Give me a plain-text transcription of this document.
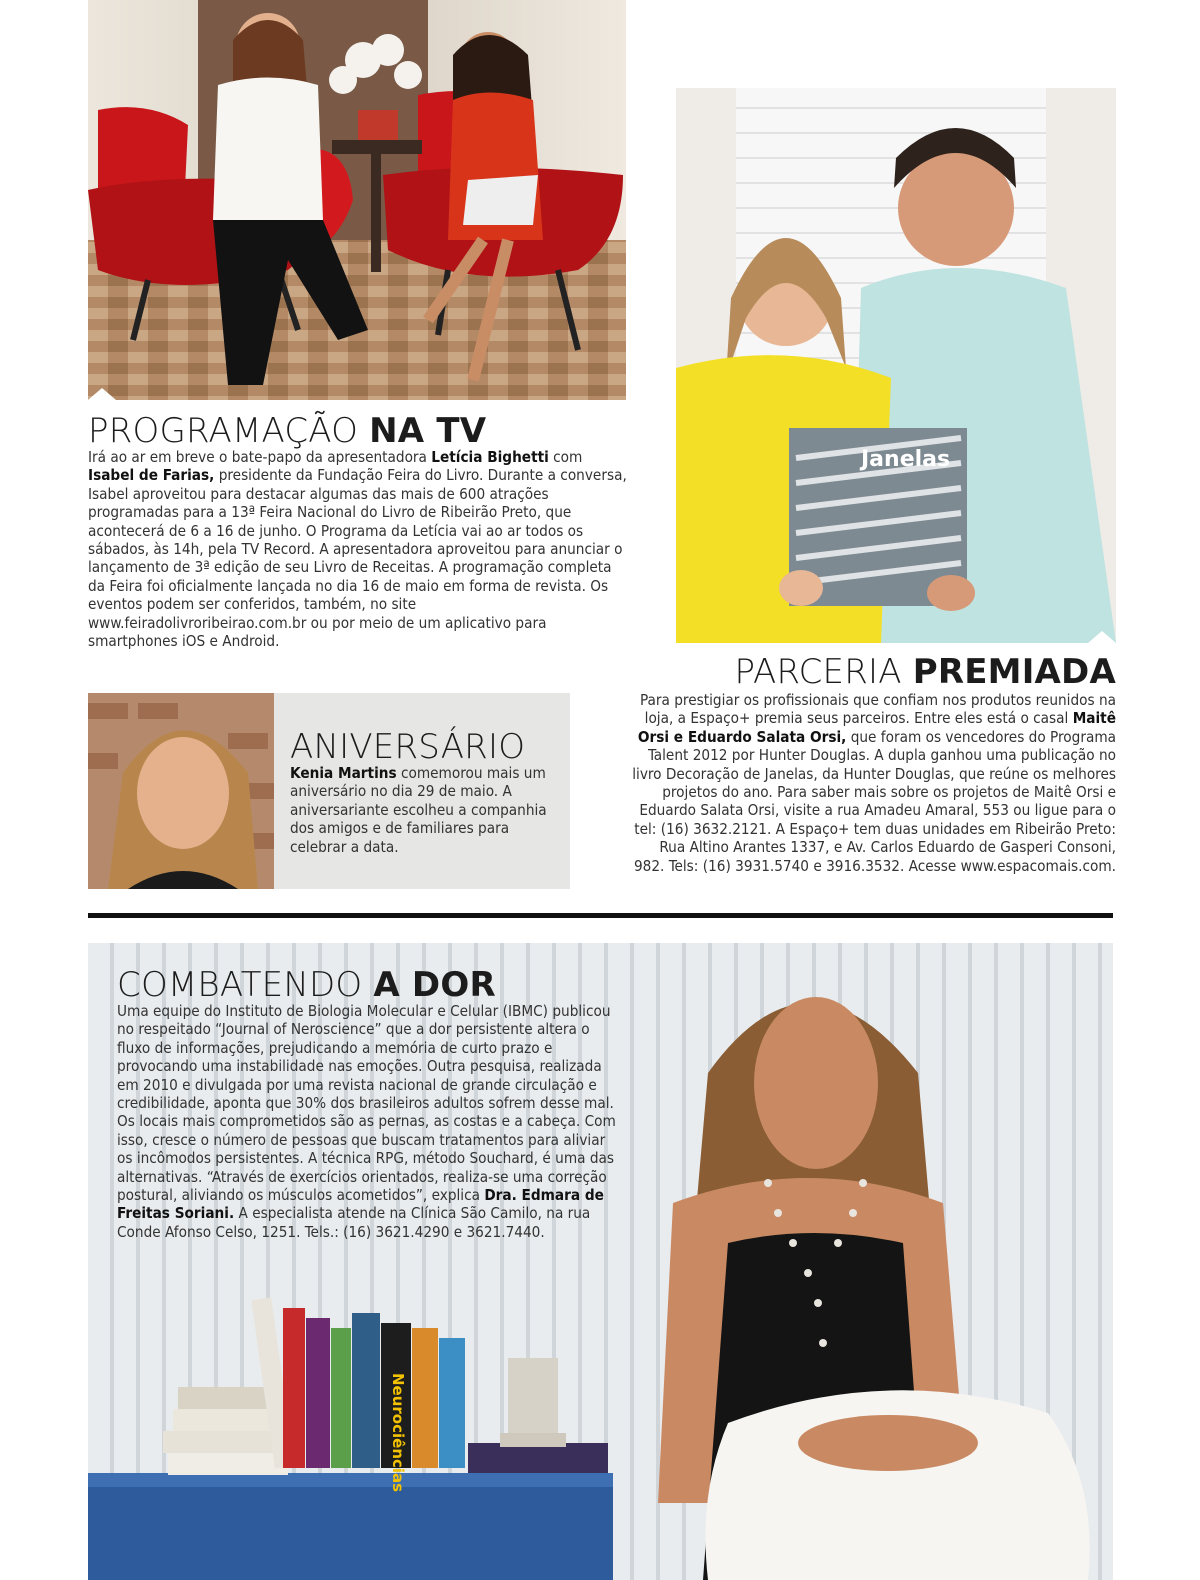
Janelas
PROGRAMAÇÃO NA TV

Irá ao ar em breve o bate-papo da apresentadora Letícia Bighetti com Isabel de Farias, presidente da Fundação Feira do Livro. Durante a conversa, Isabel aproveitou para destacar algumas das mais de 600 atrações programadas para a 13ª Feira Nacional do Livro de Ribeirão Preto, que acontecerá de 6 a 16 de junho. O Programa da Letícia vai ao ar todos os sábados, às 14h, pela TV Record. A apresentadora aproveitou para anunciar o lançamento de 3ª edição de seu Livro de Receitas. A programação completa da Feira foi oficialmente lançada no dia 16 de maio em forma de revista. Os eventos podem ser conferidos, também, no site www.feiradolivroribeirao.com.br ou por meio de um aplicativo para smartphones iOS e Android.

ANIVERSÁRIO

Kenia Martins comemorou mais um aniversário no dia 29 de maio. A aniversariante escolheu a companhia dos amigos e de familiares para celebrar a data.

PARCERIA PREMIADA

Para prestigiar os profissionais que confiam nos produtos reunidos na loja, a Espaço+ premia seus parceiros. Entre eles está o casal Maitê Orsi e Eduardo Salata Orsi, que foram os vencedores do Programa Talent 2012 por Hunter Douglas. A dupla ganhou uma publicação no livro Decoração de Janelas, da Hunter Douglas, que reúne os melhores projetos do ano. Para saber mais sobre os projetos de Maitê Orsi e Eduardo Salata Orsi, visite a rua Amadeu Amaral, 553 ou ligue para o tel: (16) 3632.2121. A Espaço+ tem duas unidades em Ribeirão Preto: Rua Altino Arantes 1337, e Av. Carlos Eduardo de Gasperi Consoni, 982. Tels: (16) 3931.5740 e 3916.3532. Acesse www.espacomais.com.

Neurociências
COMBATENDO A DOR

Uma equipe do Instituto de Biologia Molecular e Celular (IBMC) publicou no respeitado “Journal of Neroscience” que a dor persistente altera o fluxo de informações, prejudicando a memória de curto prazo e provocando uma instabilidade nas emoções. Outra pesquisa, realizada em 2010 e divulgada por uma revista nacional de grande circulação e credibilidade, aponta que 30% dos brasileiros adultos sofrem desse mal. Os locais mais comprometidos são as pernas, as costas e a cabeça. Com isso, cresce o número de pessoas que buscam tratamentos para aliviar os incômodos persistentes. A técnica RPG, método Souchard, é uma das alternativas. “Através de exercícios orientados, realiza-se uma correção postural, aliviando os músculos acometidos”, explica Dra. Edmara de Freitas Soriani. A especialista atende na Clínica São Camilo, na rua Conde Afonso Celso, 1251. Tels.: (16) 3621.4290 e 3621.7440.
